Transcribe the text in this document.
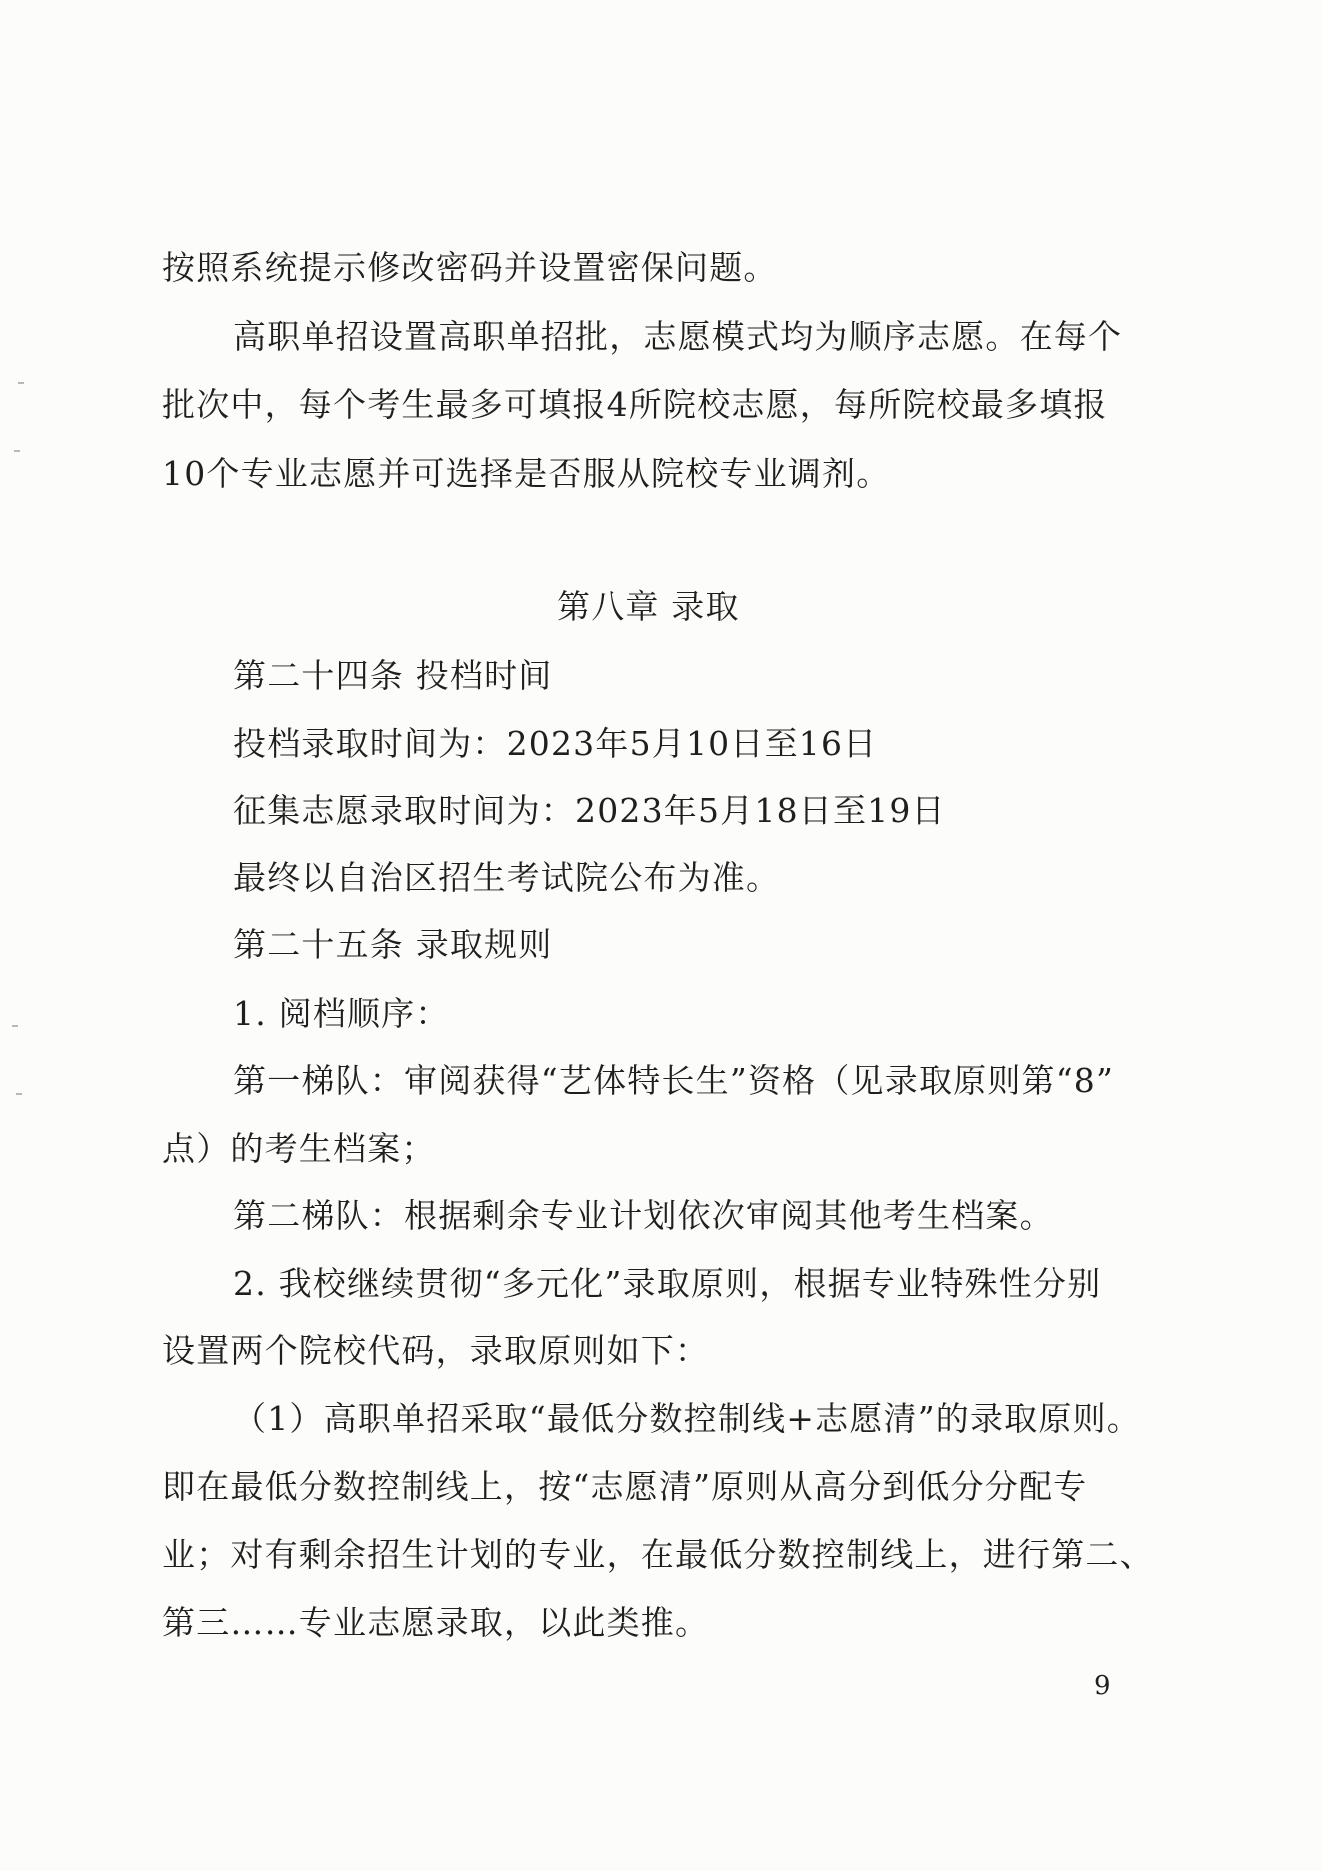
按照系统提示修改密码并设置密保问题。
高职单招设置高职单招批，志愿模式均为顺序志愿。在每个
批次中，每个考生最多可填报4所院校志愿，每所院校最多填报
10个专业志愿并可选择是否服从院校专业调剂。
第八章 录取
第二十四条 投档时间
投档录取时间为：2023年5月10日至16日
征集志愿录取时间为：2023年5月18日至19日
最终以自治区招生考试院公布为准。
第二十五条 录取规则
1. 阅档顺序：
第一梯队：审阅获得“艺体特长生”资格（见录取原则第“8”
点）的考生档案；
第二梯队：根据剩余专业计划依次审阅其他考生档案。
2. 我校继续贯彻“多元化”录取原则，根据专业特殊性分别
设置两个院校代码，录取原则如下：
（1）高职单招采取“最低分数控制线+志愿清”的录取原则。
即在最低分数控制线上，按“志愿清”原则从高分到低分分配专
业；对有剩余招生计划的专业，在最低分数控制线上，进行第二、
第三……专业志愿录取，以此类推。
9
